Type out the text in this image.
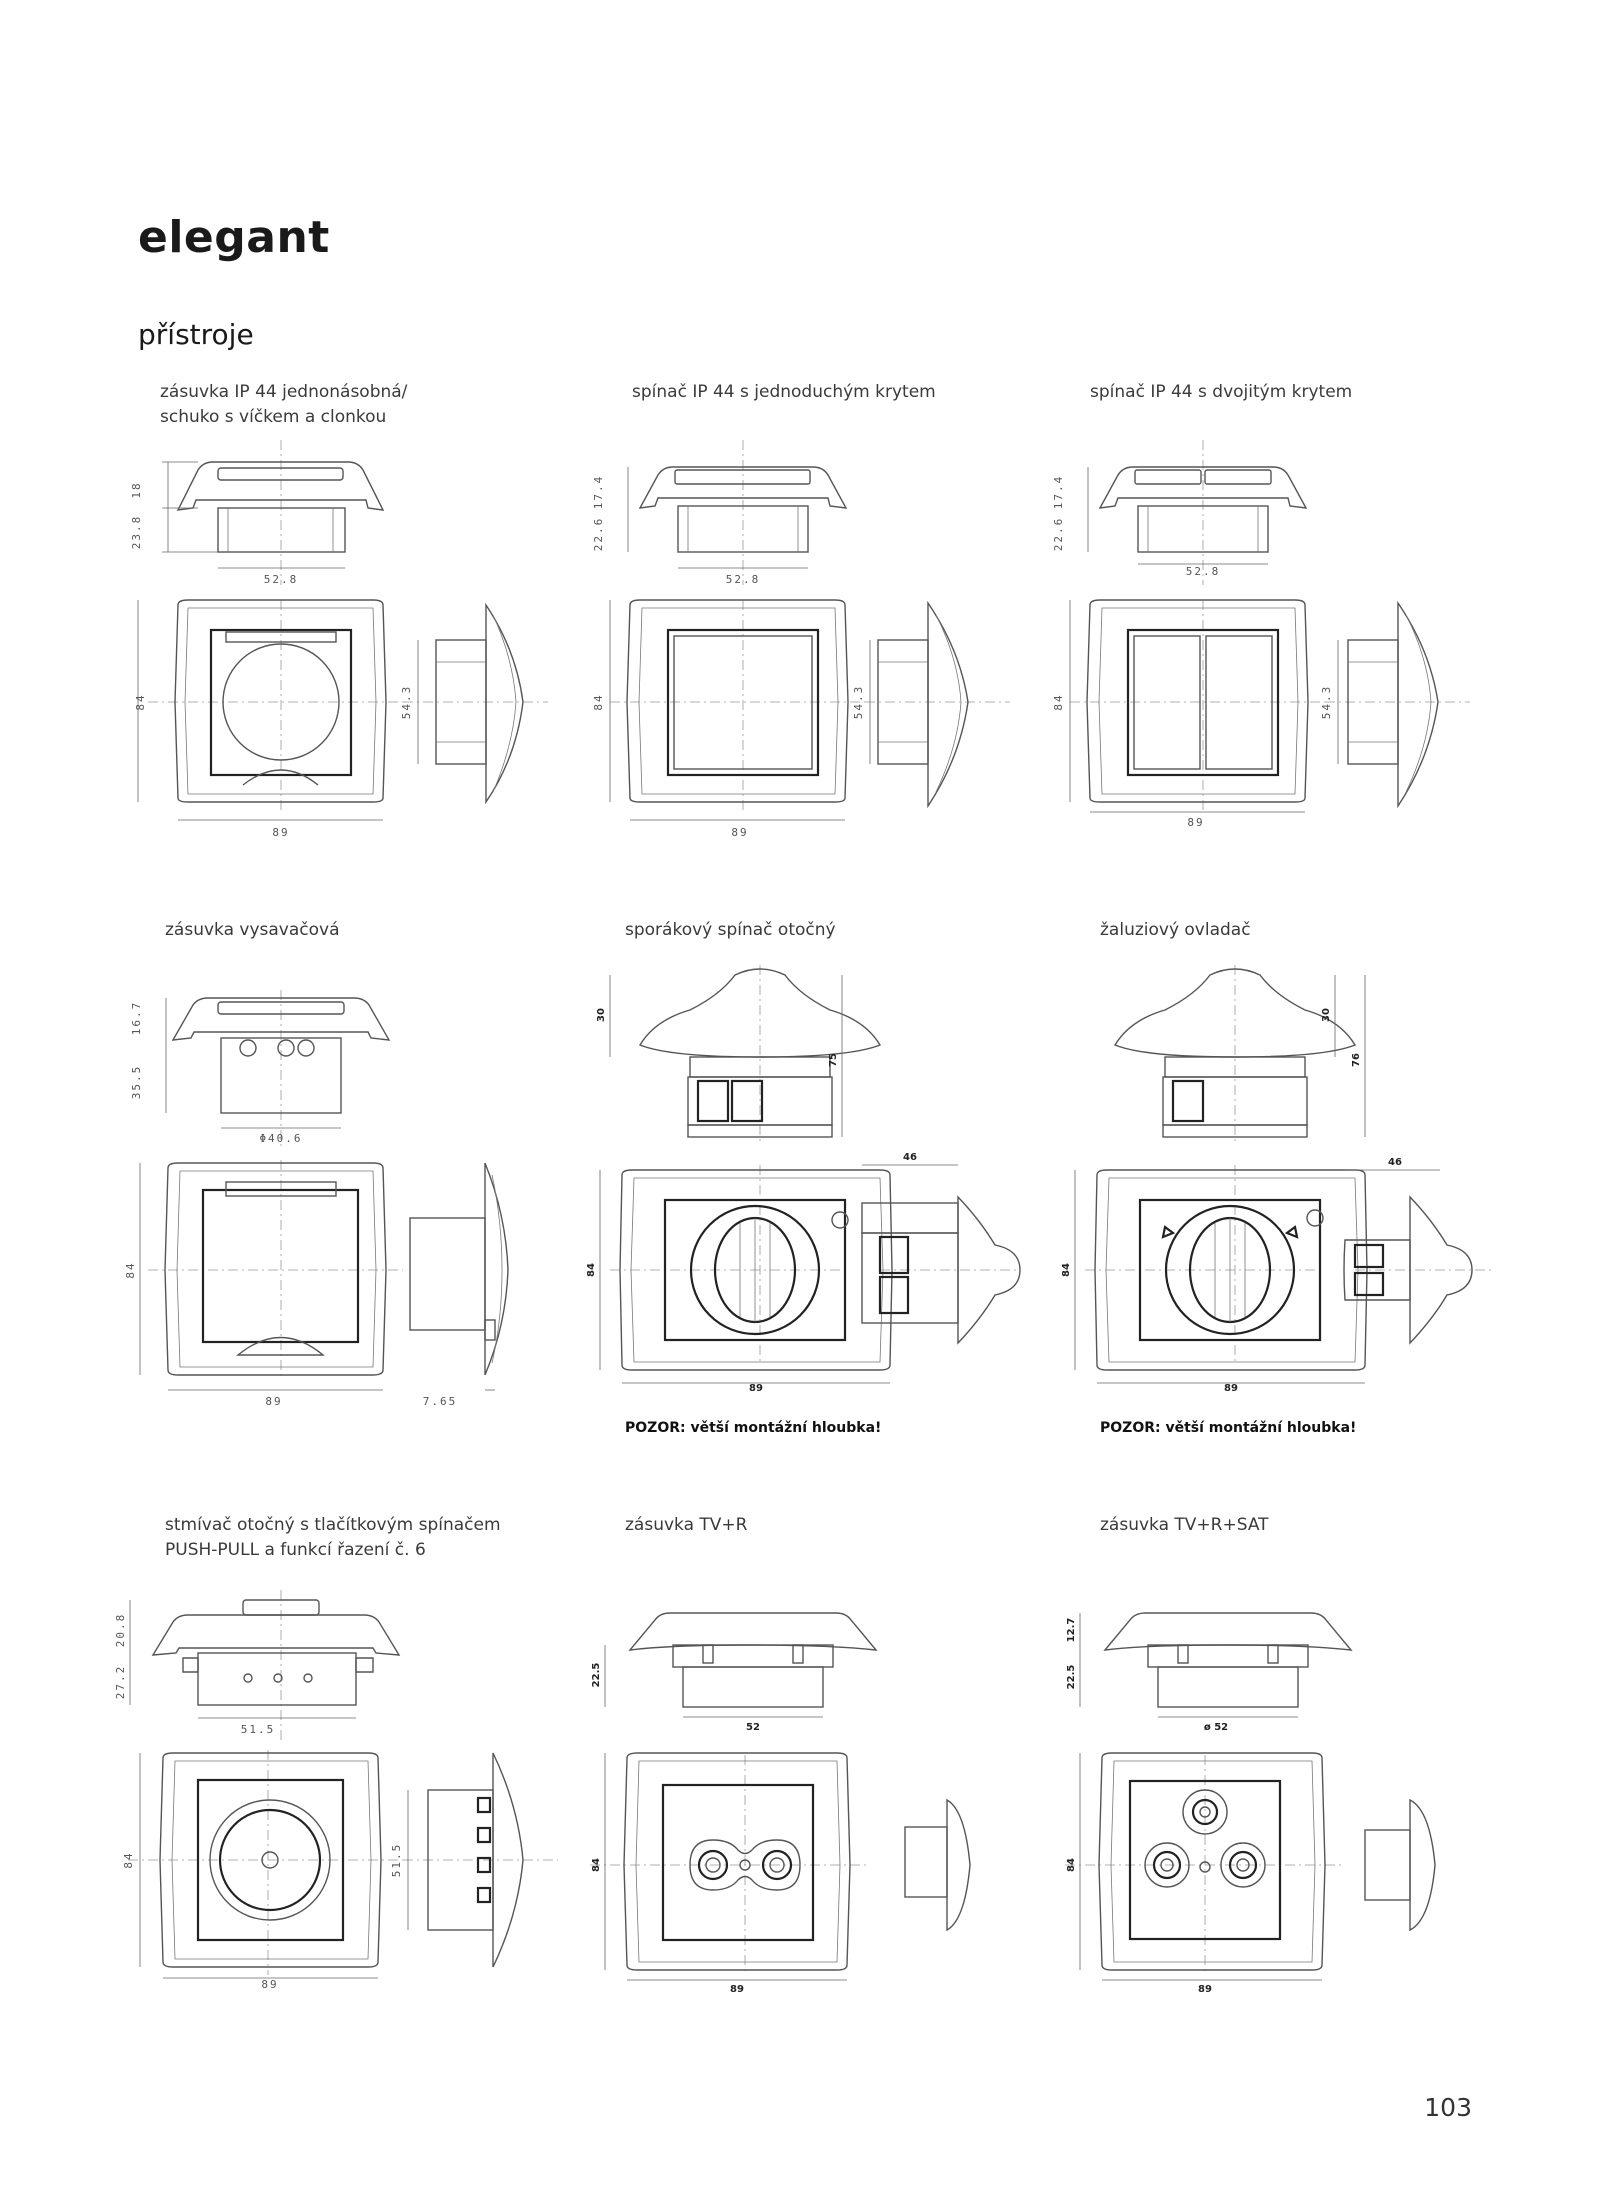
elegant
přístroje
zásuvka IP 44 jednonásobná/
schuko s víčkem a clonkou
spínač IP 44 s jednoduchým krytem	spínač IP 44 s dvojitým krytem
zásuvka vysavačová	sporákový spínač otočný	žaluziový ovladač
stmívač otočný s tlačítkovým spínačem
PUSH-PULL a funkcí řazení č. 6
zásuvka TV+R	zásuvka TV+R+SAT
18
23.8
52.8
84
89
54.3
17.4
22.6
52.8
84
89
54.3
17.4
22.6
52.8
84
89
54.3
16.7
35.5
Φ40.6
84
89	7.65
30
75
84
89
46
POZOR: větší montážní hloubka!
30
76
84
89
46
POZOR: větší montážní hloubka!
20.8
27.2
51.5
84
89
51.5
22.5
52
84
89
12.7
22.5
ø 52
84
89
103
